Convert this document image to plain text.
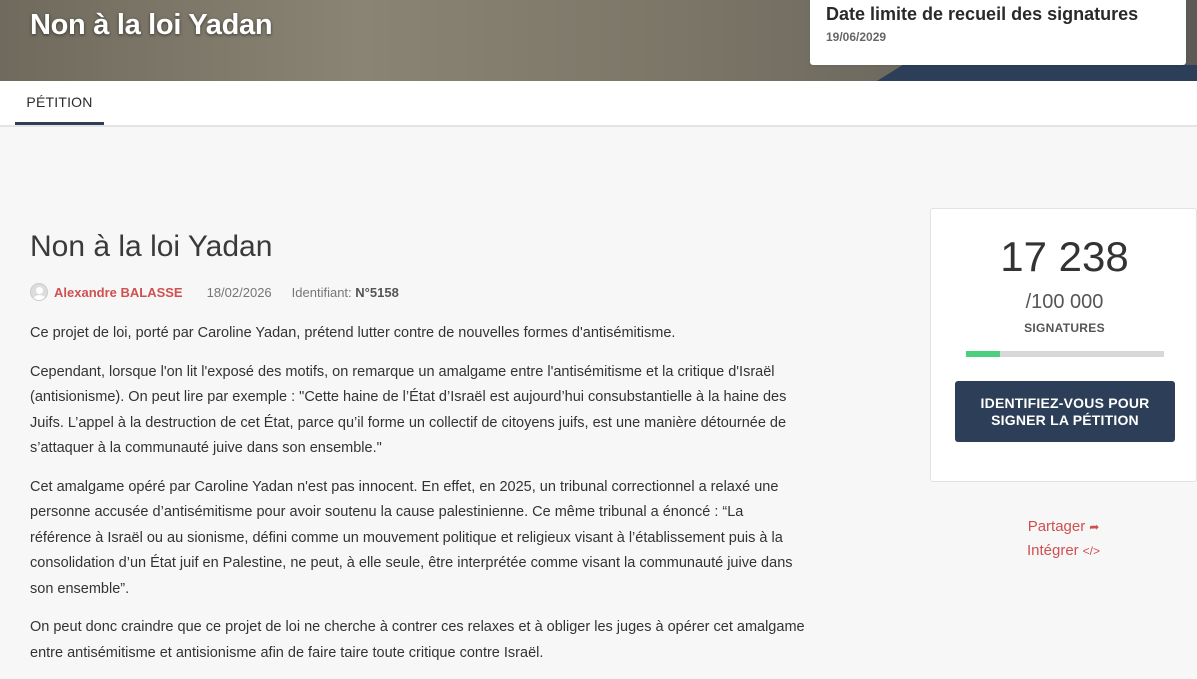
Non à la loi Yadan	Date limite de recueil des signatures
19/06/2029
PÉTITION
Non à la loi Yadan
Alexandre BALASSE 18/02/2026 Identifiant:
N°5158

Ce projet de loi, porté par Caroline Yadan, prétend lutter contre de nouvelles formes d'antisémitisme.

Cependant, lorsque l'on lit l'exposé des motifs, on remarque un amalgame entre l'antisémitisme et la critique d'Israël (antisionisme). On peut lire par exemple : "Cette haine de l’État d’Israël est aujourd’hui consubstantielle à la haine des Juifs. L’appel à la destruction de cet État, parce qu’il forme un collectif de citoyens juifs, est une manière détournée de s’attaquer à la communauté juive dans son ensemble."

Cet amalgame opéré par Caroline Yadan n'est pas innocent. En effet, en 2025, un tribunal correctionnel a relaxé une personne accusée d’antisémitisme pour avoir soutenu la cause palestinienne. Ce même tribunal a énoncé : “La référence à Israël ou au sionisme, défini comme un mouvement politique et religieux visant à l’établissement puis à la consolidation d’un État juif en Palestine, ne peut, à elle seule, être interprétée comme visant la communauté juive dans son ensemble”.

On peut donc craindre que ce projet de loi ne cherche à contrer ces relaxes et à obliger les juges à opérer cet amalgame entre antisémitisme et antisionisme afin de faire taire toute critique contre Israël.

17 238
/100 000
SIGNATURES
IDENTIFIEZ-VOUS POUR SIGNER LA PÉTITION
Partager ➦
Intégrer </>
